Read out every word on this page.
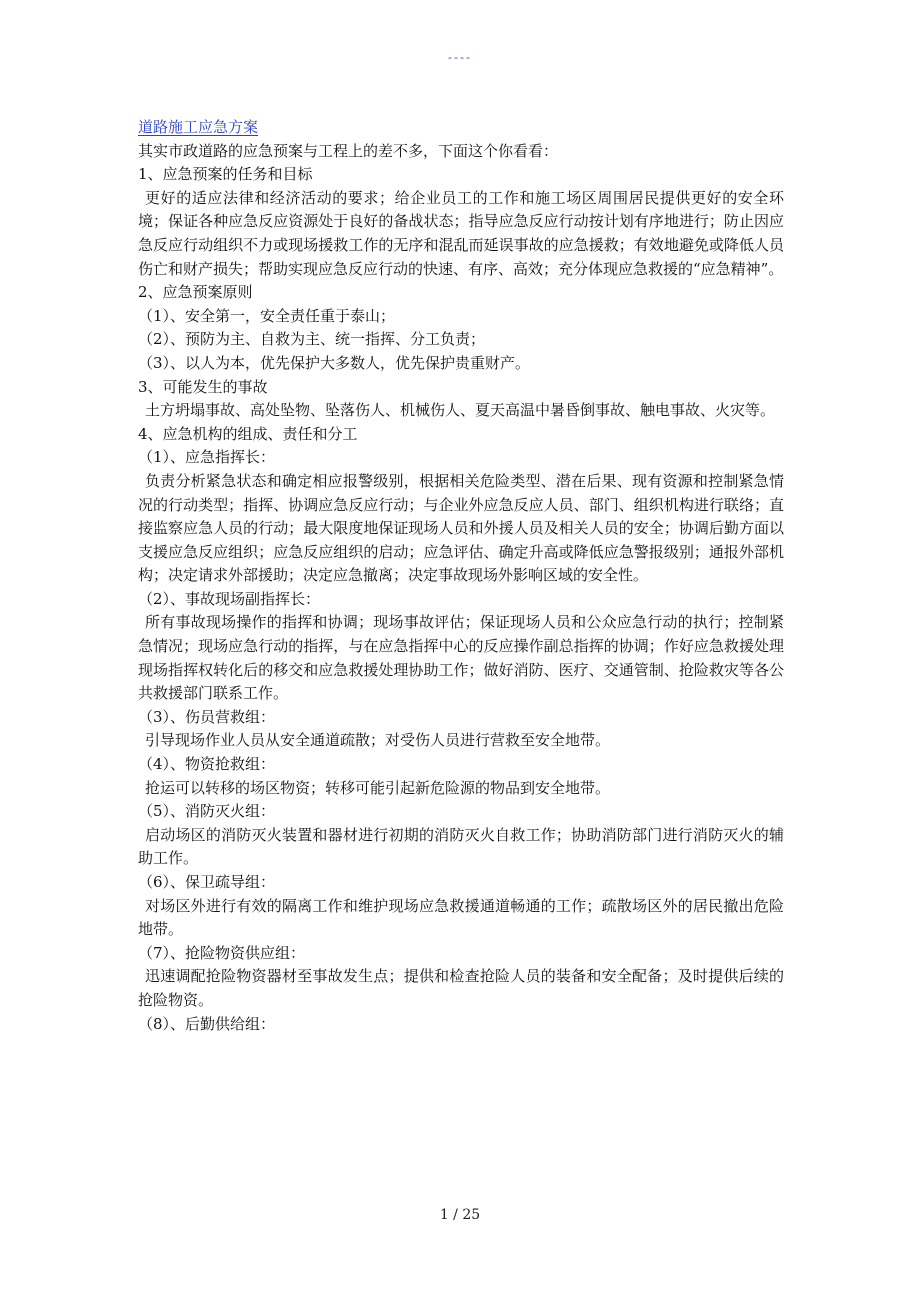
----
道路施工应急方案
其实市政道路的应急预案与工程上的差不多，下面这个你看看：
1、应急预案的任务和目标
更好的适应法律和经济活动的要求；给企业员工的工作和施工场区周围居民提供更好的安全环境；保证各种应急反应资源处于良好的备战状态；指导应急反应行动按计划有序地进行；防止因应急反应行动组织不力或现场援救工作的无序和混乱而延误事故的应急援救；有效地避免或降低人员伤亡和财产损失；帮助实现应急反应行动的快速、有序、高效；充分体现应急救援的“应急精神”。
2、应急预案原则
（1）、安全第一，安全责任重于泰山；
（2）、预防为主、自救为主、统一指挥、分工负责；
（3）、以人为本，优先保护大多数人，优先保护贵重财产。
3、可能发生的事故
土方坍塌事故、高处坠物、坠落伤人、机械伤人、夏天高温中暑昏倒事故、触电事故、火灾等。
4、应急机构的组成、责任和分工
（1）、应急指挥长：
负责分析紧急状态和确定相应报警级别，根据相关危险类型、潜在后果、现有资源和控制紧急情况的行动类型；指挥、协调应急反应行动；与企业外应急反应人员、部门、组织机构进行联络；直接监察应急人员的行动；最大限度地保证现场人员和外援人员及相关人员的安全；协调后勤方面以支援应急反应组织；应急反应组织的启动；应急评估、确定升高或降低应急警报级别；通报外部机构；决定请求外部援助；决定应急撤离；决定事故现场外影响区域的安全性。
（2）、事故现场副指挥长：
所有事故现场操作的指挥和协调；现场事故评估；保证现场人员和公众应急行动的执行；控制紧急情况；现场应急行动的指挥，与在应急指挥中心的反应操作副总指挥的协调；作好应急救援处理现场指挥权转化后的移交和应急救援处理协助工作；做好消防、医疗、交通管制、抢险救灾等各公共救援部门联系工作。
（3）、伤员营救组：
引导现场作业人员从安全通道疏散；对受伤人员进行营救至安全地带。
（4）、物资抢救组：
抢运可以转移的场区物资；转移可能引起新危险源的物品到安全地带。
（5）、消防灭火组：
启动场区的消防灭火装置和器材进行初期的消防灭火自救工作；协助消防部门进行消防灭火的辅助工作。
（6）、保卫疏导组：
对场区外进行有效的隔离工作和维护现场应急救援通道畅通的工作；疏散场区外的居民撤出危险地带。
（7）、抢险物资供应组：
迅速调配抢险物资器材至事故发生点；提供和检查抢险人员的装备和安全配备；及时提供后续的抢险物资。
（8）、后勤供给组：
1 / 25
